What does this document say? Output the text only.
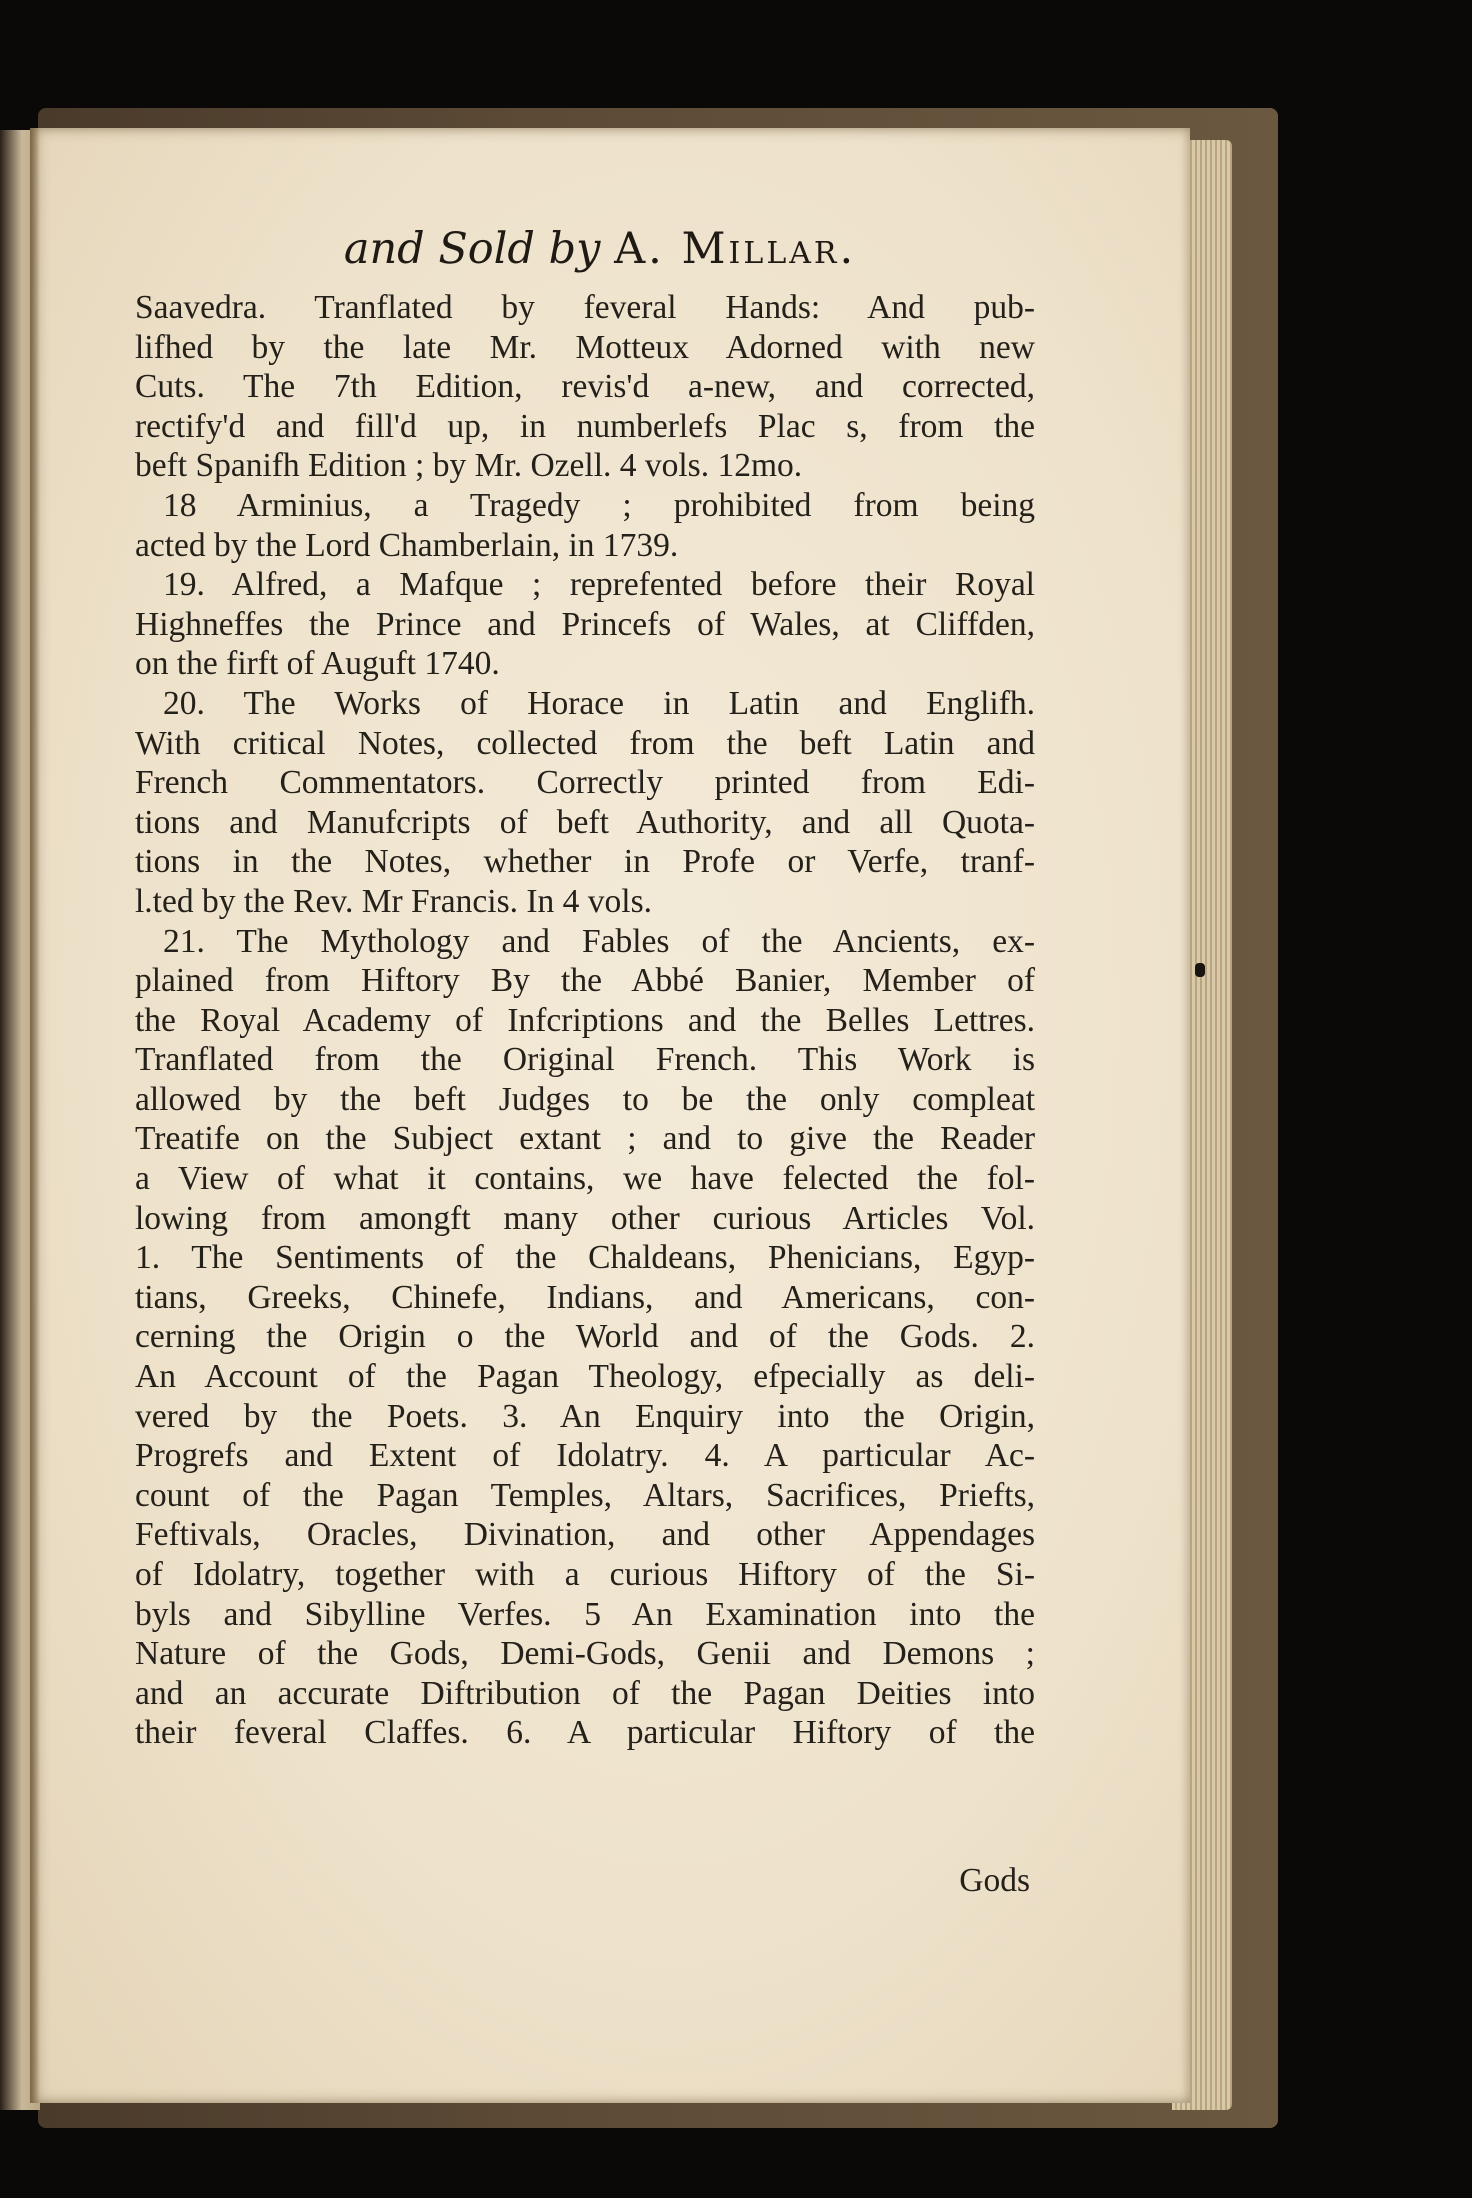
and Sold by A. Millar.
Saavedra. Tranflated by feveral Hands: And pub-
lifhed by the late Mr. Motteux Adorned with new
Cuts. The 7th Edition, revis'd a-new, and corrected,
rectify'd and fill'd up, in numberlefs Plac s, from the
beft Spanifh Edition ; by Mr. Ozell. 4 vols. 12mo.
18 Arminius, a Tragedy ; prohibited from being
acted by the Lord Chamberlain, in 1739.
19. Alfred, a Mafque ; reprefented before their Royal
Highneffes the Prince and Princefs of Wales, at Cliffden,
on the firft of Auguft 1740.
20. The Works of Horace in Latin and Englifh.
With critical Notes, collected from the beft Latin and
French Commentators. Correctly printed from Edi-
tions and Manufcripts of beft Authority, and all Quota-
tions in the Notes, whether in Profe or Verfe, tranf-
l.ted by the Rev. Mr Francis. In 4 vols.
21. The Mythology and Fables of the Ancients, ex-
plained from Hiftory By the Abbé Banier, Member of
the Royal Academy of Infcriptions and the Belles Lettres.
Tranflated from the Original French. This Work is
allowed by the beft Judges to be the only compleat
Treatife on the Subject extant ; and to give the Reader
a View of what it contains, we have felected the fol-
lowing from amongft many other curious Articles Vol.
1. The Sentiments of the Chaldeans, Phenicians, Egyp-
tians, Greeks, Chinefe, Indians, and Americans, con-
cerning the Origin o the World and of the Gods. 2.
An Account of the Pagan Theology, efpecially as deli-
vered by the Poets. 3. An Enquiry into the Origin,
Progrefs and Extent of Idolatry. 4. A particular Ac-
count of the Pagan Temples, Altars, Sacrifices, Priefts,
Feftivals, Oracles, Divination, and other Appendages
of Idolatry, together with a curious Hiftory of the Si-
byls and Sibylline Verfes. 5 An Examination into the
Nature of the Gods, Demi-Gods, Genii and Demons ;
and an accurate Diftribution of the Pagan Deities into
their feveral Claffes. 6. A particular Hiftory of the
Gods
